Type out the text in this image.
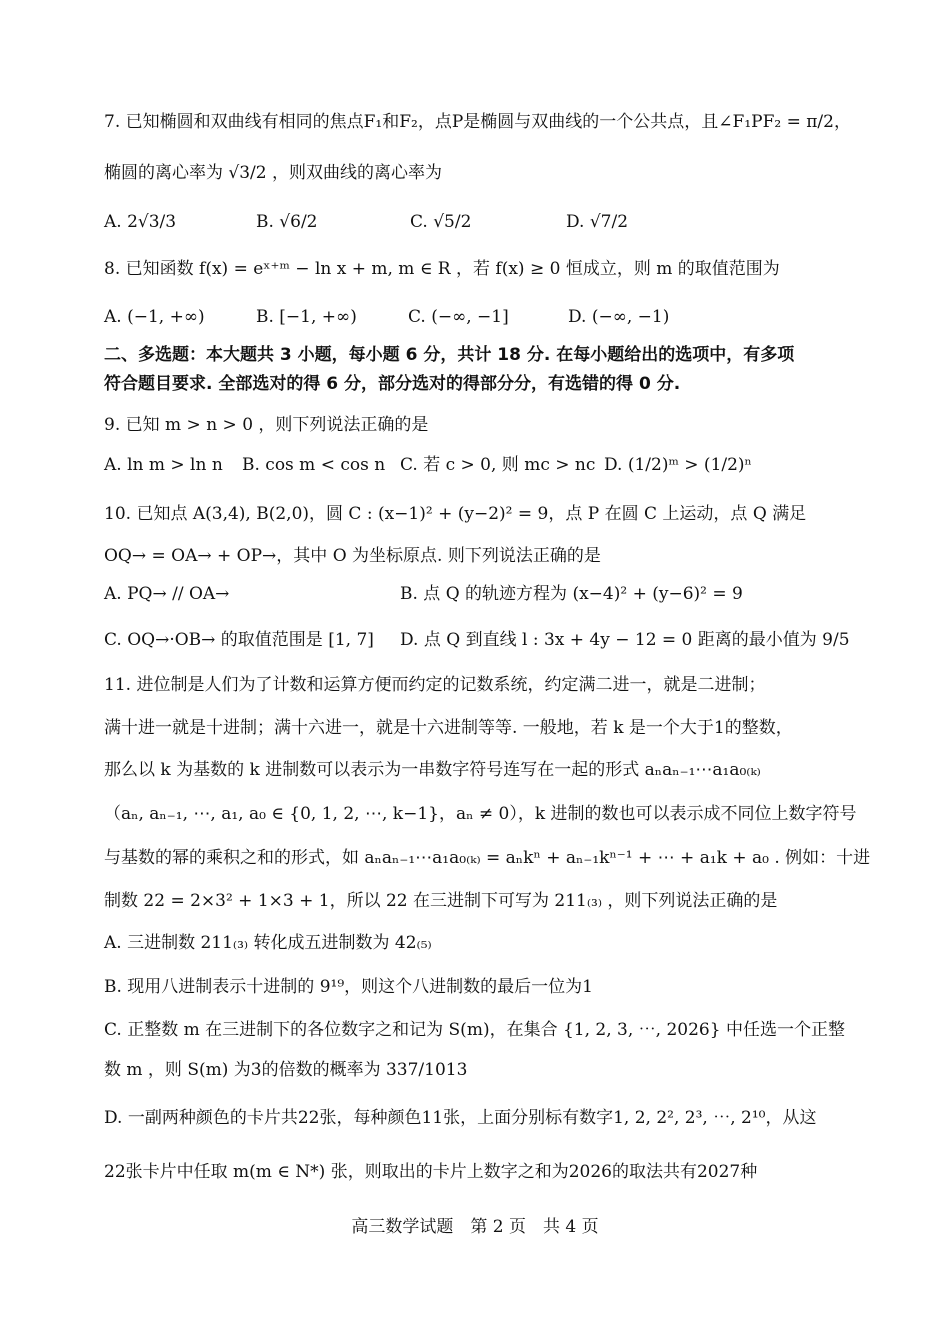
7. 已知椭圆和双曲线有相同的焦点F₁和F₂，点P是椭圆与双曲线的一个公共点，且∠F₁PF₂ = π/2，
椭圆的离心率为 √3/2 ，则双曲线的离心率为
A. 2√3/3	B. √6/2	C. √5/2	D. √7/2
8. 已知函数 f(x) = eˣ⁺ᵐ − ln x + m, m ∈ R ，若 f(x) ≥ 0 恒成立，则 m 的取值范围为
A. (−1, +∞)	B. [−1, +∞)	C. (−∞, −1]	D. (−∞, −1)
二、多选题：本大题共 3 小题，每小题 6 分，共计 18 分. 在每小题给出的选项中，有多项
符合题目要求. 全部选对的得 6 分，部分选对的得部分分，有选错的得 0 分.
9. 已知 m > n > 0 ，则下列说法正确的是
A. ln m > ln n B. cos m < cos n C. 若 c > 0, 则 mc > nc D. (1/2)ᵐ > (1/2)ⁿ
10. 已知点 A(3,4), B(2,0)，圆 C : (x−1)² + (y−2)² = 9，点 P 在圆 C 上运动，点 Q 满足
OQ→ = OA→ + OP→，其中 O 为坐标原点. 则下列说法正确的是
A. PQ→ // OA→	B. 点 Q 的轨迹方程为 (x−4)² + (y−6)² = 9
C. OQ→·OB→ 的取值范围是 [1, 7] D. 点 Q 到直线 l : 3x + 4y − 12 = 0 距离的最小值为 9/5
11. 进位制是人们为了计数和运算方便而约定的记数系统，约定满二进一，就是二进制；
满十进一就是十进制；满十六进一，就是十六进制等等. 一般地，若 k 是一个大于1的整数，
那么以 k 为基数的 k 进制数可以表示为一串数字符号连写在一起的形式 aₙaₙ₋₁⋯a₁a₀₍ₖ₎
（aₙ, aₙ₋₁, ⋯, a₁, a₀ ∈ {0, 1, 2, ⋯, k−1}，aₙ ≠ 0），k 进制的数也可以表示成不同位上数字符号
与基数的幂的乘积之和的形式，如 aₙaₙ₋₁⋯a₁a₀₍ₖ₎ = aₙkⁿ + aₙ₋₁kⁿ⁻¹ + ⋯ + a₁k + a₀ . 例如：十进
制数 22 = 2×3² + 1×3 + 1，所以 22 在三进制下可写为 211₍₃₎ ，则下列说法正确的是
A. 三进制数 211₍₃₎ 转化成五进制数为 42₍₅₎
B. 现用八进制表示十进制的 9¹⁹，则这个八进制数的最后一位为1
C. 正整数 m 在三进制下的各位数字之和记为 S(m)，在集合 {1, 2, 3, ⋯, 2026} 中任选一个正整
数 m ，则 S(m) 为3的倍数的概率为 337/1013
D. 一副两种颜色的卡片共22张，每种颜色11张，上面分别标有数字1, 2, 2², 2³, ⋯, 2¹⁰，从这
22张卡片中任取 m(m ∈ N*) 张，则取出的卡片上数字之和为2026的取法共有2027种
高三数学试题　第 2 页　共 4 页
